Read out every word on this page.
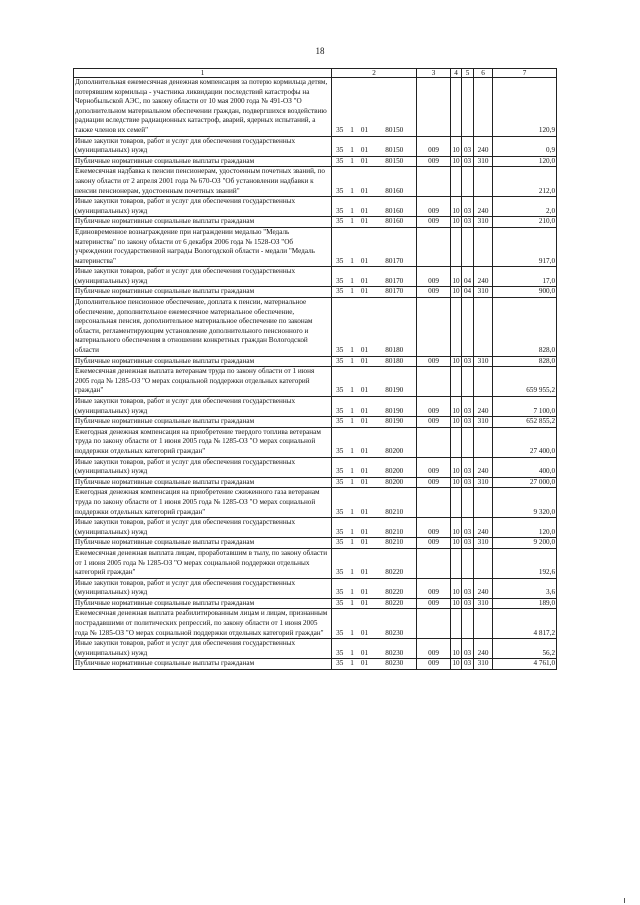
18
1	2				3	4	5	6	7
Дополнительная ежемесячная денежная компенсация за потерю кормильца детям, потерявшим кормильца - участника ликвидации последствий катастрофы на Чернобыльской АЭС, по закону области от 10 мая 2000 года № 491-ОЗ "О дополнительном материальном обеспечении граждан, подвергшихся воздействию радиации вследствие радиационных катастроф, аварий, ядерных испытаний, а также членов их семей"	35	1	01	80150					120,9
Иные закупки товаров, работ и услуг для обеспечения государственных (муниципальных) нужд	35	1	01	80150	009	10	03	240	0,9
Публичные нормативные социальные выплаты гражданам	35	1	01	80150	009	10	03	310	120,0
Ежемесячная надбавка к пенсии пенсионерам, удостоенным почетных званий, по закону области от 2 апреля 2001 года № 670-ОЗ "Об установлении надбавки к пенсии пенсионерам, удостоенным почетных званий"	35	1	01	80160					212,0
Иные закупки товаров, работ и услуг для обеспечения государственных (муниципальных) нужд	35	1	01	80160	009	10	03	240	2,0
Публичные нормативные социальные выплаты гражданам	35	1	01	80160	009	10	03	310	210,0
Единовременное вознаграждение при награждении медалью "Медаль материнства" по закону области от 6 декабря 2006 года № 1528-ОЗ "Об учреждении государственной награды Вологодской области - медали "Медаль материнства"	35	1	01	80170					917,0
Иные закупки товаров, работ и услуг для обеспечения государственных (муниципальных) нужд	35	1	01	80170	009	10	04	240	17,0
Публичные нормативные социальные выплаты гражданам	35	1	01	80170	009	10	04	310	900,0
Дополнительное пенсионное обеспечение, доплата к пенсии, материальное обеспечение, дополнительное ежемесячное материальное обеспечение, персональная пенсия, дополнительное материальное обеспечение по законам области, регламентирующим установление дополнительного пенсионного и материального обеспечения в отношении конкретных граждан Вологодской области	35	1	01	80180					828,0
Публичные нормативные социальные выплаты гражданам	35	1	01	80180	009	10	03	310	828,0
Ежемесячная денежная выплата ветеранам труда по закону области от 1 июня 2005 года № 1285-ОЗ "О мерах социальной поддержки отдельных категорий граждан"	35	1	01	80190					659 955,2
Иные закупки товаров, работ и услуг для обеспечения государственных (муниципальных) нужд	35	1	01	80190	009	10	03	240	7 100,0
Публичные нормативные социальные выплаты гражданам	35	1	01	80190	009	10	03	310	652 855,2
Ежегодная денежная компенсация на приобретение твердого топлива ветеранам труда по закону области от 1 июня 2005 года № 1285-ОЗ "О мерах социальной поддержки отдельных категорий граждан"	35	1	01	80200					27 400,0
Иные закупки товаров, работ и услуг для обеспечения государственных (муниципальных) нужд	35	1	01	80200	009	10	03	240	400,0
Публичные нормативные социальные выплаты гражданам	35	1	01	80200	009	10	03	310	27 000,0
Ежегодная денежная компенсация на приобретение сжиженного газа ветеранам труда по закону области от 1 июня 2005 года № 1285-ОЗ "О мерах социальной поддержки отдельных категорий граждан"	35	1	01	80210					9 320,0
Иные закупки товаров, работ и услуг для обеспечения государственных (муниципальных) нужд	35	1	01	80210	009	10	03	240	120,0
Публичные нормативные социальные выплаты гражданам	35	1	01	80210	009	10	03	310	9 200,0
Ежемесячная денежная выплата лицам, проработавшим в тылу, по закону области от 1 июня 2005 года № 1285-ОЗ "О мерах социальной поддержки отдельных категорий граждан"	35	1	01	80220					192,6
Иные закупки товаров, работ и услуг для обеспечения государственных (муниципальных) нужд	35	1	01	80220	009	10	03	240	3,6
Публичные нормативные социальные выплаты гражданам	35	1	01	80220	009	10	03	310	189,0
Ежемесячная денежная выплата реабилитированным лицам и лицам, признанным пострадавшими от политических репрессий, по закону области от 1 июня 2005 года № 1285-ОЗ "О мерах социальной поддержки отдельных категорий граждан"	35	1	01	80230					4 817,2
Иные закупки товаров, работ и услуг для обеспечения государственных (муниципальных) нужд	35	1	01	80230	009	10	03	240	56,2
Публичные нормативные социальные выплаты гражданам	35	1	01	80230	009	10	03	310	4 761,0
